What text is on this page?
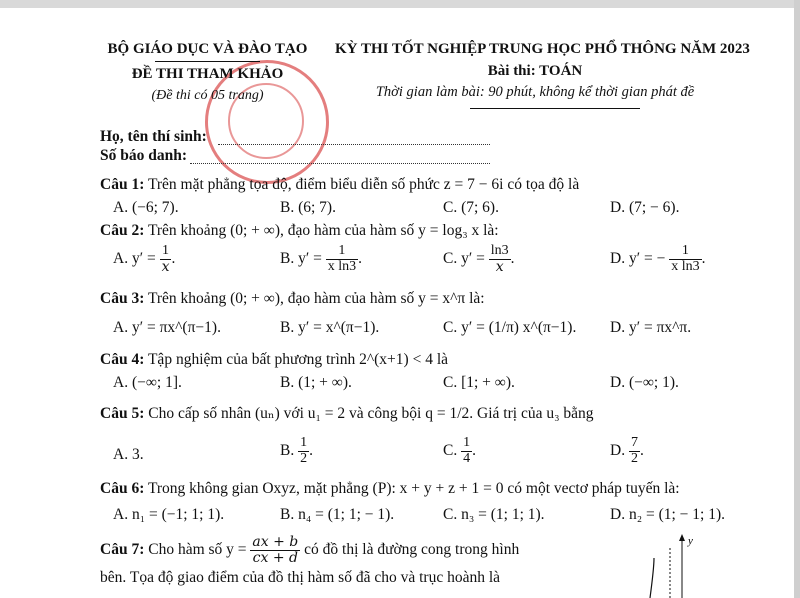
BỘ GIÁO DỤC VÀ ĐÀO TẠO
ĐỀ THI THAM KHẢO
(Đề thi có 05 trang)
KỲ THI TỐT NGHIỆP TRUNG HỌC PHỔ THÔNG NĂM 2023
Bài thi: TOÁN
Thời gian làm bài: 90 phút, không kể thời gian phát đề
Họ, tên thí sinh:
Số báo danh:
Câu 1: Trên mặt phẳng tọa độ, điểm biểu diễn số phức z = 7 − 6i có tọa độ là
A. (−6; 7).	B. (6; 7).	C. (7; 6).	D. (7; − 6).
Câu 2: Trên khoảng (0; + ∞), đạo hàm của hàm số y = log₃ x là:
A. $y' = \frac{1}{x}$ .	B. $y' = \frac{1}{\text{x ln3}}$ .	C. $y' = \frac{\ln 3}{x}$ .	D. y′ = − $\frac{1}{\text{x ln3}}$ .
Câu 3: Trên khoảng (0; + ∞), đạo hàm của hàm số y = x^π là:
A. y′ = πx^(π−1).	B. y′ = x^(π−1).	C. y′ = (1/π) x^(π−1). D. y′ = πx^π.
Câu 4: Tập nghiệm của bất phương trình 2^(x+1) < 4 là
A. (−∞; 1].	B. (1; + ∞).	C. [1; + ∞).	D. (−∞; 1).
Câu 5: Cho cấp số nhân (uₙ) với u₁ = 2 và công bội q = 1/2. Giá trị của u₃ bằng
A. 3.	B. $\frac{1}{2}$ .	C. $\frac{1}{4}$ .	D. $\frac{7}{2}$ .
Câu 6: Trong không gian Oxyz, mặt phẳng (P): x + y + z + 1 = 0 có một vectơ pháp tuyến là:
A. n₁ = (−1; 1; 1).	B. n₄ = (1; 1; − 1).	C. n₃ = (1; 1; 1).	D. n₂ = (1; − 1; 1).
Câu 7: Cho hàm số $y = \frac{ax + b}{cx + d}$ có đồ thị là đường cong trong hình
bên. Tọa độ giao điểm của đồ thị hàm số đã cho và trục hoành là
y
